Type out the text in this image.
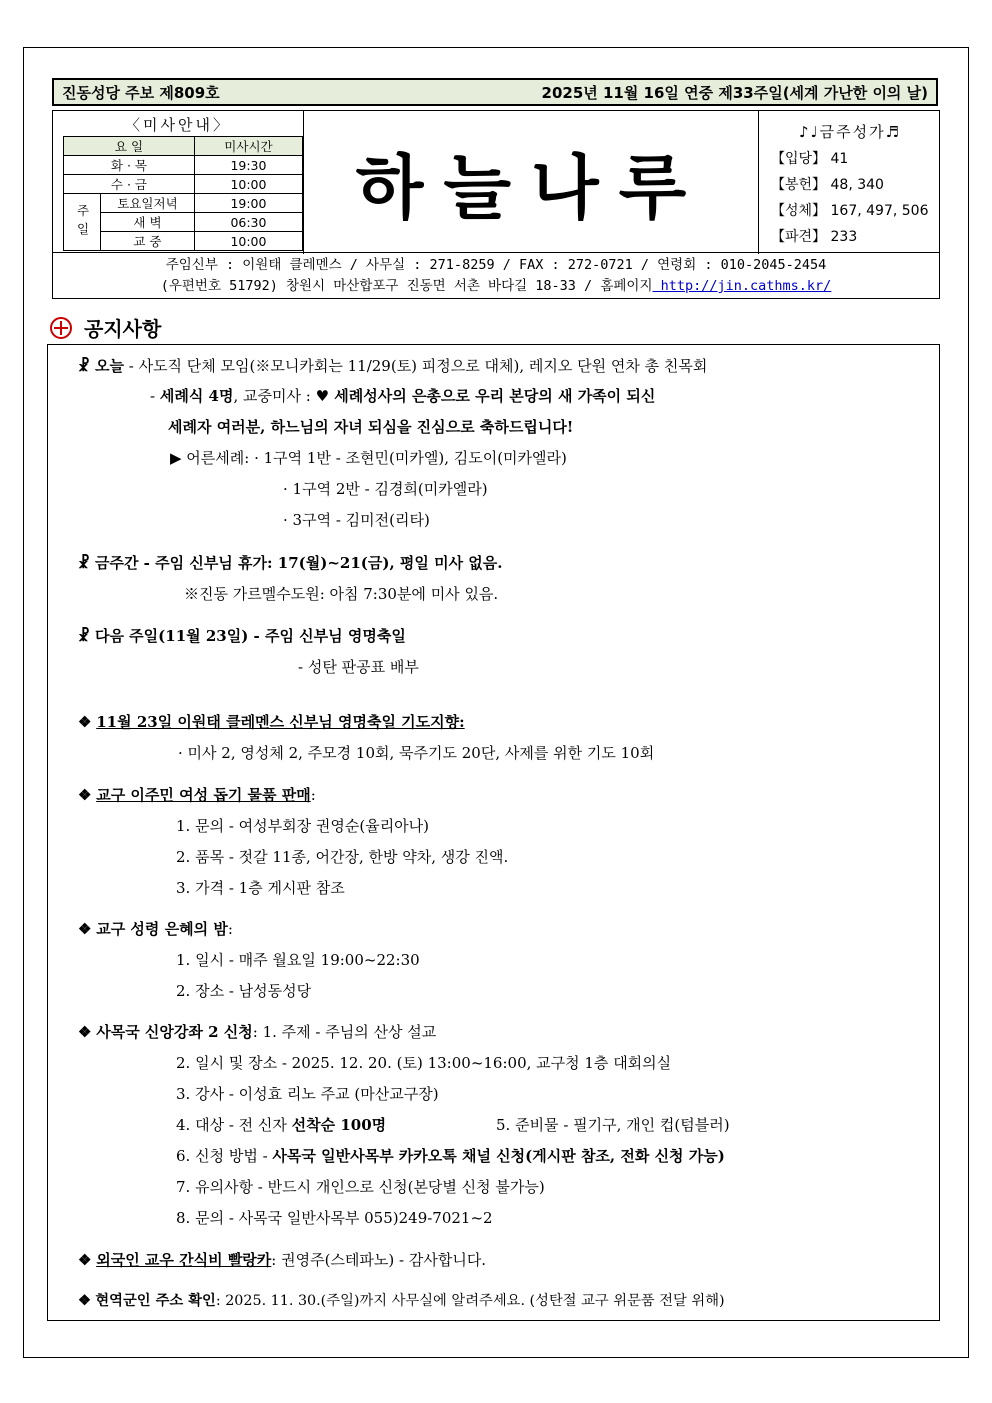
진동성당 주보 제809호	2025년 11월 16일 연중 제33주일(세계 가난한 이의 날)
〈미사안내〉
요 일		미사시간
화 · 목		19:30
수 · 금		10:00
주일	토요일저녁	19:00
	새 벽	06:30
	교 중	10:00
하늘나루
♪♩금주성가♬
【입당】 41
【봉헌】 48, 340
【성체】 167, 497, 506
【파견】 233
주임신부 : 이원태 클레멘스 / 사무실 : 271-8259 / FAX : 272-0721 / 연령회 : 010-2045-2454
(우편번호 51792) 창원시 마산합포구 진동면 서촌 바다길 18-33 / 홈페이지 http://jin.cathms.kr/
공지사항
☧ 오늘 - 사도직 단체 모임(※모니카회는 11/29(토) 피정으로 대체), 레지오 단원 연차 총 친목회
- 세례식 4명, 교중미사 : ♥ 세례성사의 은총으로 우리 본당의 새 가족이 되신
세례자 여러분, 하느님의 자녀 되심을 진심으로 축하드립니다!
▶ 어른세례: · 1구역 1반 - 조현민(미카엘), 김도이(미카엘라)
· 1구역 2반 - 김경희(미카엘라)
· 3구역 - 김미전(리타)
☧ 금주간 - 주임 신부님 휴가: 17(월)~21(금), 평일 미사 없음.
※진동 가르멜수도원: 아침 7:30분에 미사 있음.
☧ 다음 주일(11월 23일) - 주임 신부님 영명축일
- 성탄 판공표 배부
❖ 11월 23일 이원태 클레멘스 신부님 영명축일 기도지향:
· 미사 2, 영성체 2, 주모경 10회, 묵주기도 20단, 사제를 위한 기도 10회
❖ 교구 이주민 여성 돕기 물품 판매:
1. 문의 - 여성부회장 권영순(율리아나)
2. 품목 - 젓갈 11종, 어간장, 한방 약차, 생강 진액.
3. 가격 - 1층 게시판 참조
❖ 교구 성령 은혜의 밤:
1. 일시 - 매주 월요일 19:00~22:30
2. 장소 - 남성동성당
❖ 사목국 신앙강좌 2 신청: 1. 주제 - 주님의 산상 설교
2. 일시 및 장소 - 2025. 12. 20. (토) 13:00~16:00, 교구청 1층 대회의실
3. 강사 - 이성효 리노 주교 (마산교구장)
4. 대상 - 전 신자 선착순 100명	5. 준비물 - 필기구, 개인 컵(텀블러)
6. 신청 방법 - 사목국 일반사목부 카카오톡 채널 신청(게시판 참조, 전화 신청 가능)
7. 유의사항 - 반드시 개인으로 신청(본당별 신청 불가능)
8. 문의 - 사목국 일반사목부 055)249-7021~2
❖ 외국인 교우 간식비 빨랑카: 권영주(스테파노) - 감사합니다.
❖ 현역군인 주소 확인: 2025. 11. 30.(주일)까지 사무실에 알려주세요. (성탄절 교구 위문품 전달 위해)
